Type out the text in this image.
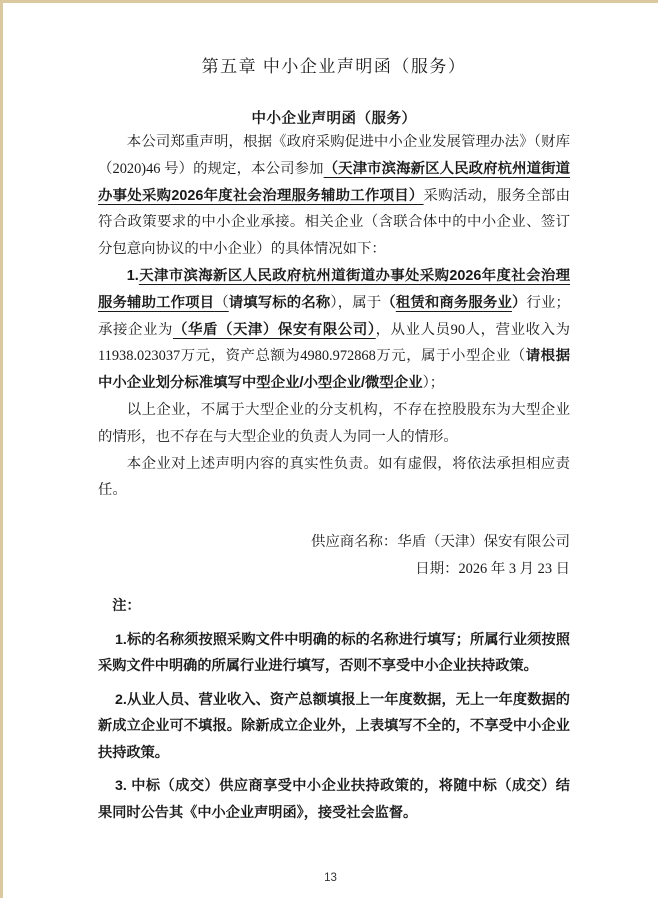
第五章 中小企业声明函（服务）
中小企业声明函（服务）

本公司郑重声明，根据《政府采购促进中小企业发展管理办法》（财库（2020)46 号）的规定，本公司参加（天津市滨海新区人民政府杭州道街道办事处采购2026年度社会治理服务辅助工作项目）采购活动，服务全部由符合政策要求的中小企业承接。相关企业（含联合体中的中小企业、签订分包意向协议的中小企业）的具体情况如下：

1.天津市滨海新区人民政府杭州道街道办事处采购2026年度社会治理服务辅助工作项目（请填写标的名称），属于（租赁和商务服务业）行业；承接企业为（华盾（天津）保安有限公司），从业人员90人，营业收入为11938.023037万元，资产总额为4980.972868万元，属于小型企业（请根据中小企业划分标准填写中型企业/小型企业/微型企业）；

以上企业，不属于大型企业的分支机构，不存在控股股东为大型企业的情形，也不存在与大型企业的负责人为同一人的情形。

本企业对上述声明内容的真实性负责。如有虚假，将依法承担相应责任。

供应商名称：华盾（天津）保安有限公司

日期：2026 年 3 月 23 日

注：

1.标的名称须按照采购文件中明确的标的名称进行填写；所属行业须按照采购文件中明确的所属行业进行填写，否则不享受中小企业扶持政策。

2.从业人员、营业收入、资产总额填报上一年度数据，无上一年度数据的新成立企业可不填报。除新成立企业外，上表填写不全的，不享受中小企业扶持政策。

3. 中标（成交）供应商享受中小企业扶持政策的，将随中标（成交）结果同时公告其《中小企业声明函》，接受社会监督。

13
